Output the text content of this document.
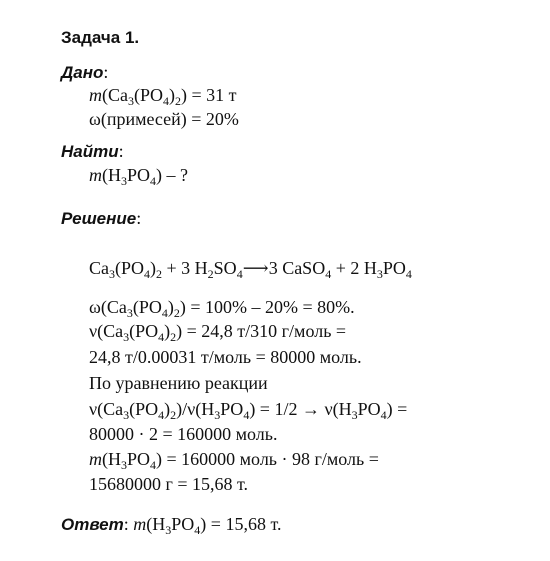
Задача 1.
Дано:
$m(Ca_3(PO_4)_2) = 31$ т
ω(примесей) = 20%
Найти:
$m(H_3PO_4)$ – ?
Решение:
$Ca_3(PO_4)_2 + 3$ $H_2SO_4⟶3$ CaSO$_4$ + 2 $H_3PO_4$
$\omega(Ca_3(PO_4)_2) = 100\% - 20\% = 80\%$.
$\nu(Ca_3(PO_4)_2) = 24,8$ т/310 г/моль =
24,8 т/0.00031 т/моль = 80000 моль.
По уравнению реакции
$\nu(Ca_3(PO_4)_2)/\nu(H_3PO_4) = 1/2 \to \nu(H_3PO_4)$ =
80000 · 2 = 160000 моль.
$m(H_3PO_4) = 160000$ моль · 98 г/моль =
15680000 г = 15,68 т.
Ответ: $m(H_3PO_4) = 15,68$ т.
